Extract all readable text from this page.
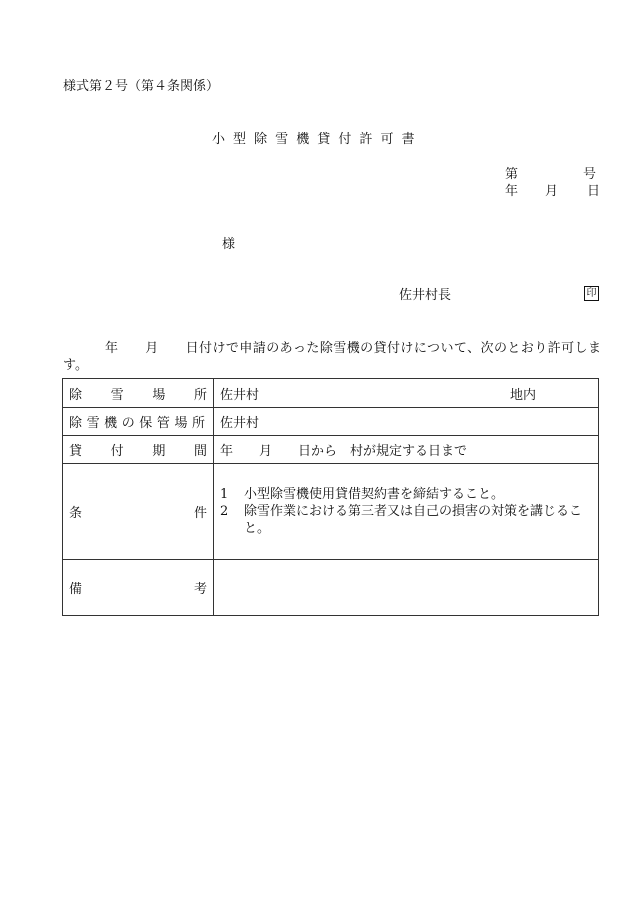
様式第２号（第４条関係）
小型除雪機貸付許可書
第	号
年 月 日
様
佐井村長	印
年　　月　　日付けで申請のあった除雪機の貸付けについて、次のとおり許可します。
除雪場所	佐井村 地内

除雪機の保管場所	佐井村
貸付期間	年　　月　　日から　村が規定する日まで
条件	1 小型除雪機使用貸借契約書を締結すること。
2 除雪作業における第三者又は自己の損害の対策を講じること。

備考	
